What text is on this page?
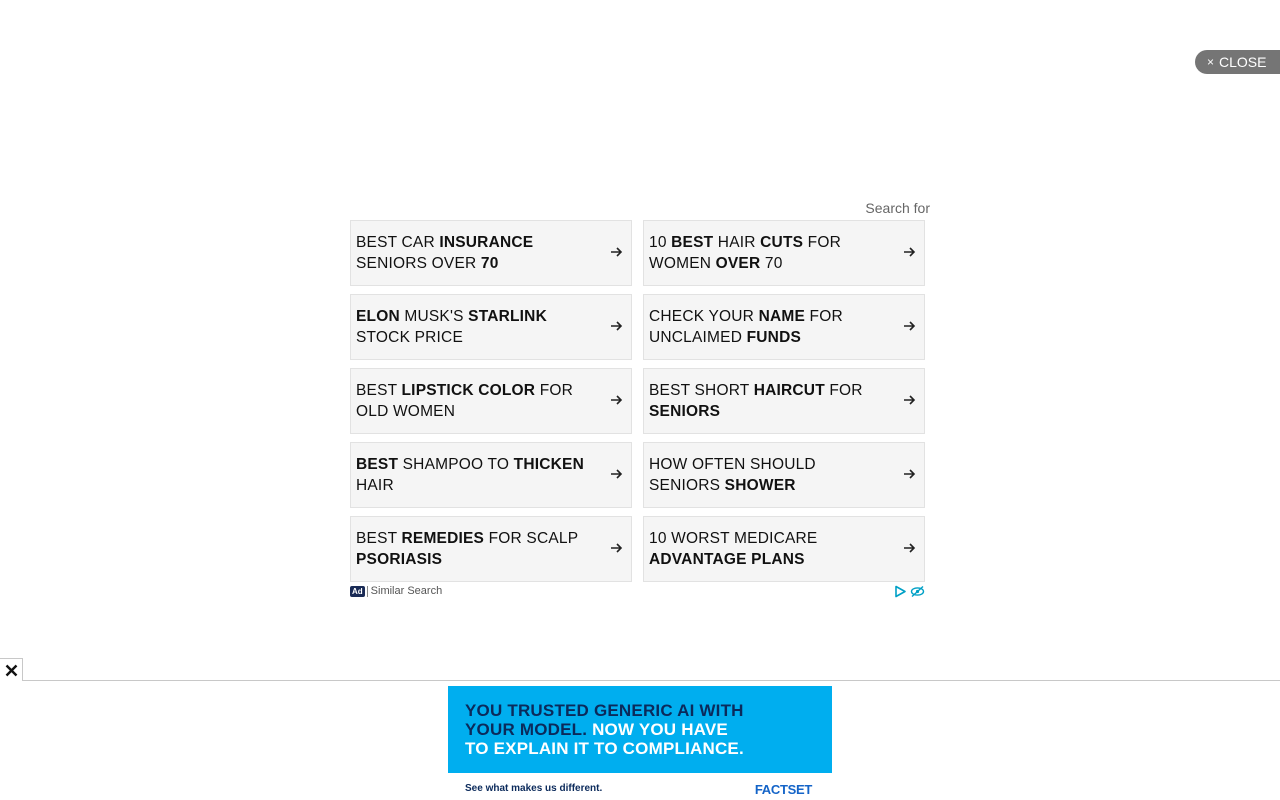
× CLOSE
Search for
BEST CAR INSURANCE SENIORS OVER 70
10 BEST HAIR CUTS FOR WOMEN OVER 70
ELON MUSK'S STARLINK STOCK PRICE
CHECK YOUR NAME FOR UNCLAIMED FUNDS
BEST LIPSTICK COLOR FOR OLD WOMEN
BEST SHORT HAIRCUT FOR SENIORS
BEST SHAMPOO TO THICKEN HAIR
HOW OFTEN SHOULD SENIORS SHOWER
BEST REMEDIES FOR SCALP PSORIASIS
10 WORST MEDICARE ADVANTAGE PLANS
Ad Similar Search
YOU TRUSTED GENERIC AI WITH
YOUR MODEL. NOW YOU HAVE
TO EXPLAIN IT TO COMPLIANCE.
See what makes us different.	FACTSET
